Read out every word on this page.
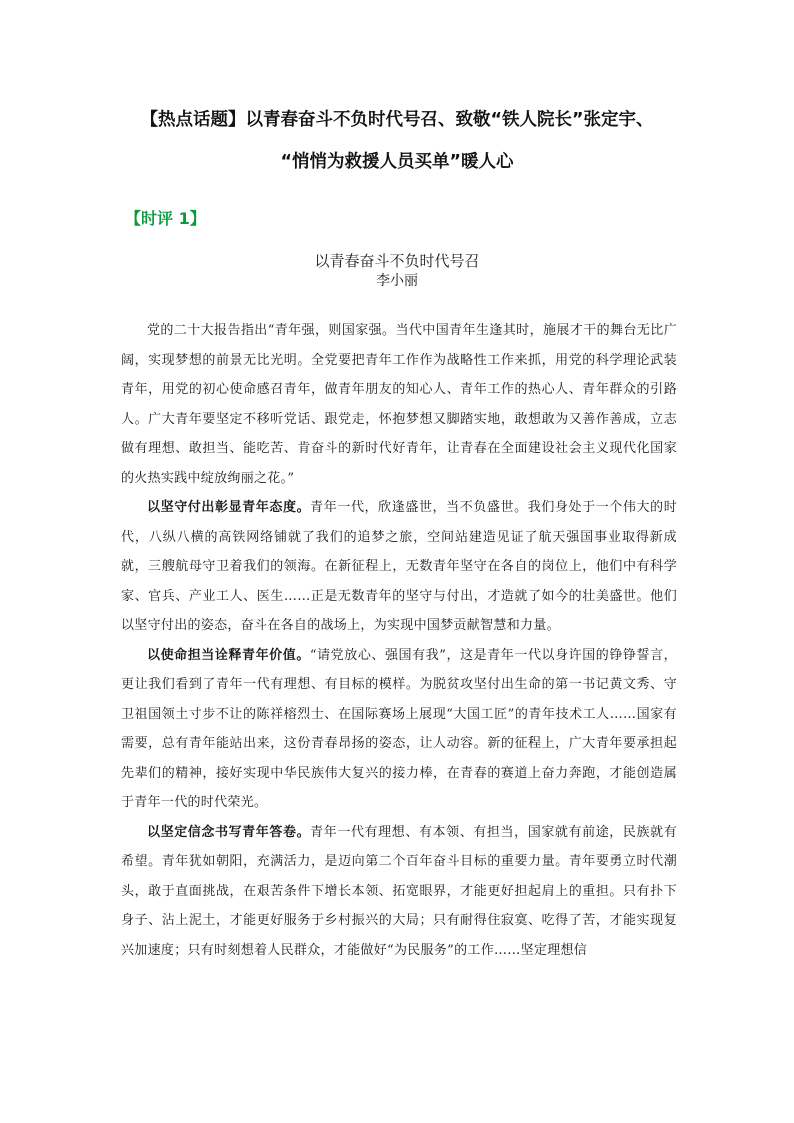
【热点话题】以青春奋斗不负时代号召、致敬“铁人院长”张定宇、
“悄悄为救援人员买单”暖人心
【时评 1】
以青春奋斗不负时代号召
李小丽

党的二十大报告指出“青年强，则国家强。当代中国青年生逢其时，施展才干的舞台无比广阔，实现梦想的前景无比光明。全党要把青年工作作为战略性工作来抓，用党的科学理论武装青年，用党的初心使命感召青年，做青年朋友的知心人、青年工作的热心人、青年群众的引路人。广大青年要坚定不移听党话、跟党走，怀抱梦想又脚踏实地，敢想敢为又善作善成，立志做有理想、敢担当、能吃苦、肯奋斗的新时代好青年，让青春在全面建设社会主义现代化国家的火热实践中绽放绚丽之花。”

以坚守付出彰显青年态度。青年一代，欣逢盛世，当不负盛世。我们身处于一个伟大的时代，八纵八横的高铁网络铺就了我们的追梦之旅，空间站建造见证了航天强国事业取得新成就，三艘航母守卫着我们的领海。在新征程上，无数青年坚守在各自的岗位上，他们中有科学家、官兵、产业工人、医生……正是无数青年的坚守与付出，才造就了如今的壮美盛世。他们以坚守付出的姿态，奋斗在各自的战场上，为实现中国梦贡献智慧和力量。

以使命担当诠释青年价值。“请党放心、强国有我”，这是青年一代以身许国的铮铮誓言，更让我们看到了青年一代有理想、有目标的模样。为脱贫攻坚付出生命的第一书记黄文秀、守卫祖国领土寸步不让的陈祥榕烈士、在国际赛场上展现“大国工匠”的青年技术工人……国家有需要，总有青年能站出来，这份青春昂扬的姿态，让人动容。新的征程上，广大青年要承担起先辈们的精神，接好实现中华民族伟大复兴的接力棒，在青春的赛道上奋力奔跑，才能创造属于青年一代的时代荣光。

以坚定信念书写青年答卷。青年一代有理想、有本领、有担当，国家就有前途，民族就有希望。青年犹如朝阳，充满活力，是迈向第二个百年奋斗目标的重要力量。青年要勇立时代潮头，敢于直面挑战，在艰苦条件下增长本领、拓宽眼界，才能更好担起肩上的重担。只有扑下身子、沾上泥土，才能更好服务于乡村振兴的大局；只有耐得住寂寞、吃得了苦，才能实现复兴加速度；只有时刻想着人民群众，才能做好“为民服务”的工作……坚定理想信
